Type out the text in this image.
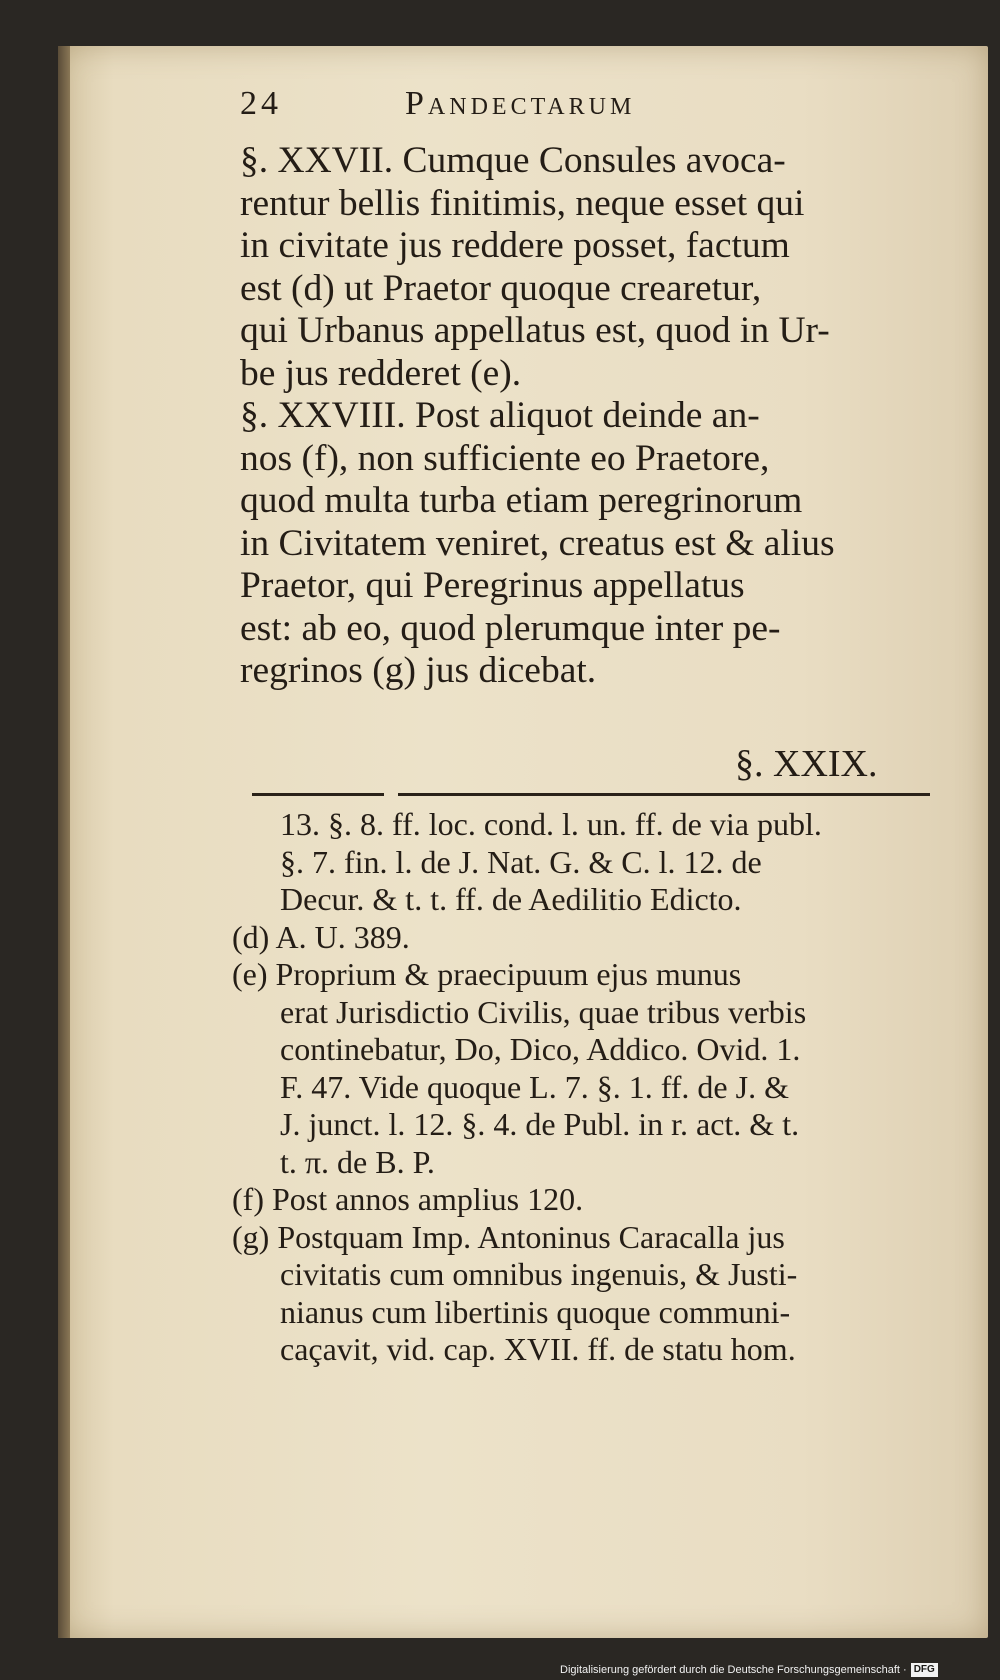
24	Pandectarum
§. XXVII. Cumque Consules avoca-
rentur bellis finitimis, neque esset qui
in civitate jus reddere posset, factum
est (d) ut Praetor quoque crearetur,
qui Urbanus appellatus est, quod in Ur-
be jus redderet (e).
§. XXVIII. Post aliquot deinde an-
nos (f), non sufficiente eo Praetore,
quod multa turba etiam peregrinorum
in Civitatem veniret, creatus est & alius
Praetor, qui Peregrinus appellatus
est: ab eo, quod plerumque inter pe-
regrinos (g) jus dicebat.
§. XXIX.
13. §. 8. ff. loc. cond. l. un. ff. de via publ.
§. 7. fin. l. de J. Nat. G. & C. l. 12. de
Decur. & t. t. ff. de Aedilitio Edicto.
(d) A. U. 389.
(e) Proprium & praecipuum ejus munus
erat Jurisdictio Civilis, quae tribus verbis
continebatur, Do, Dico, Addico. Ovid. 1.
F. 47. Vide quoque L. 7. §. 1. ff. de J. &
J. junct. l. 12. §. 4. de Publ. in r. act. & t.
t. π. de B. P.
(f) Post annos amplius 120.
(g) Postquam Imp. Antoninus Caracalla jus
civitatis cum omnibus ingenuis, & Justi-
nianus cum libertinis quoque communi-
caçavit, vid. cap. XVII. ff. de statu hom.
Digitalisierung gefördert durch die Deutsche Forschungsgemeinschaft · DFG
